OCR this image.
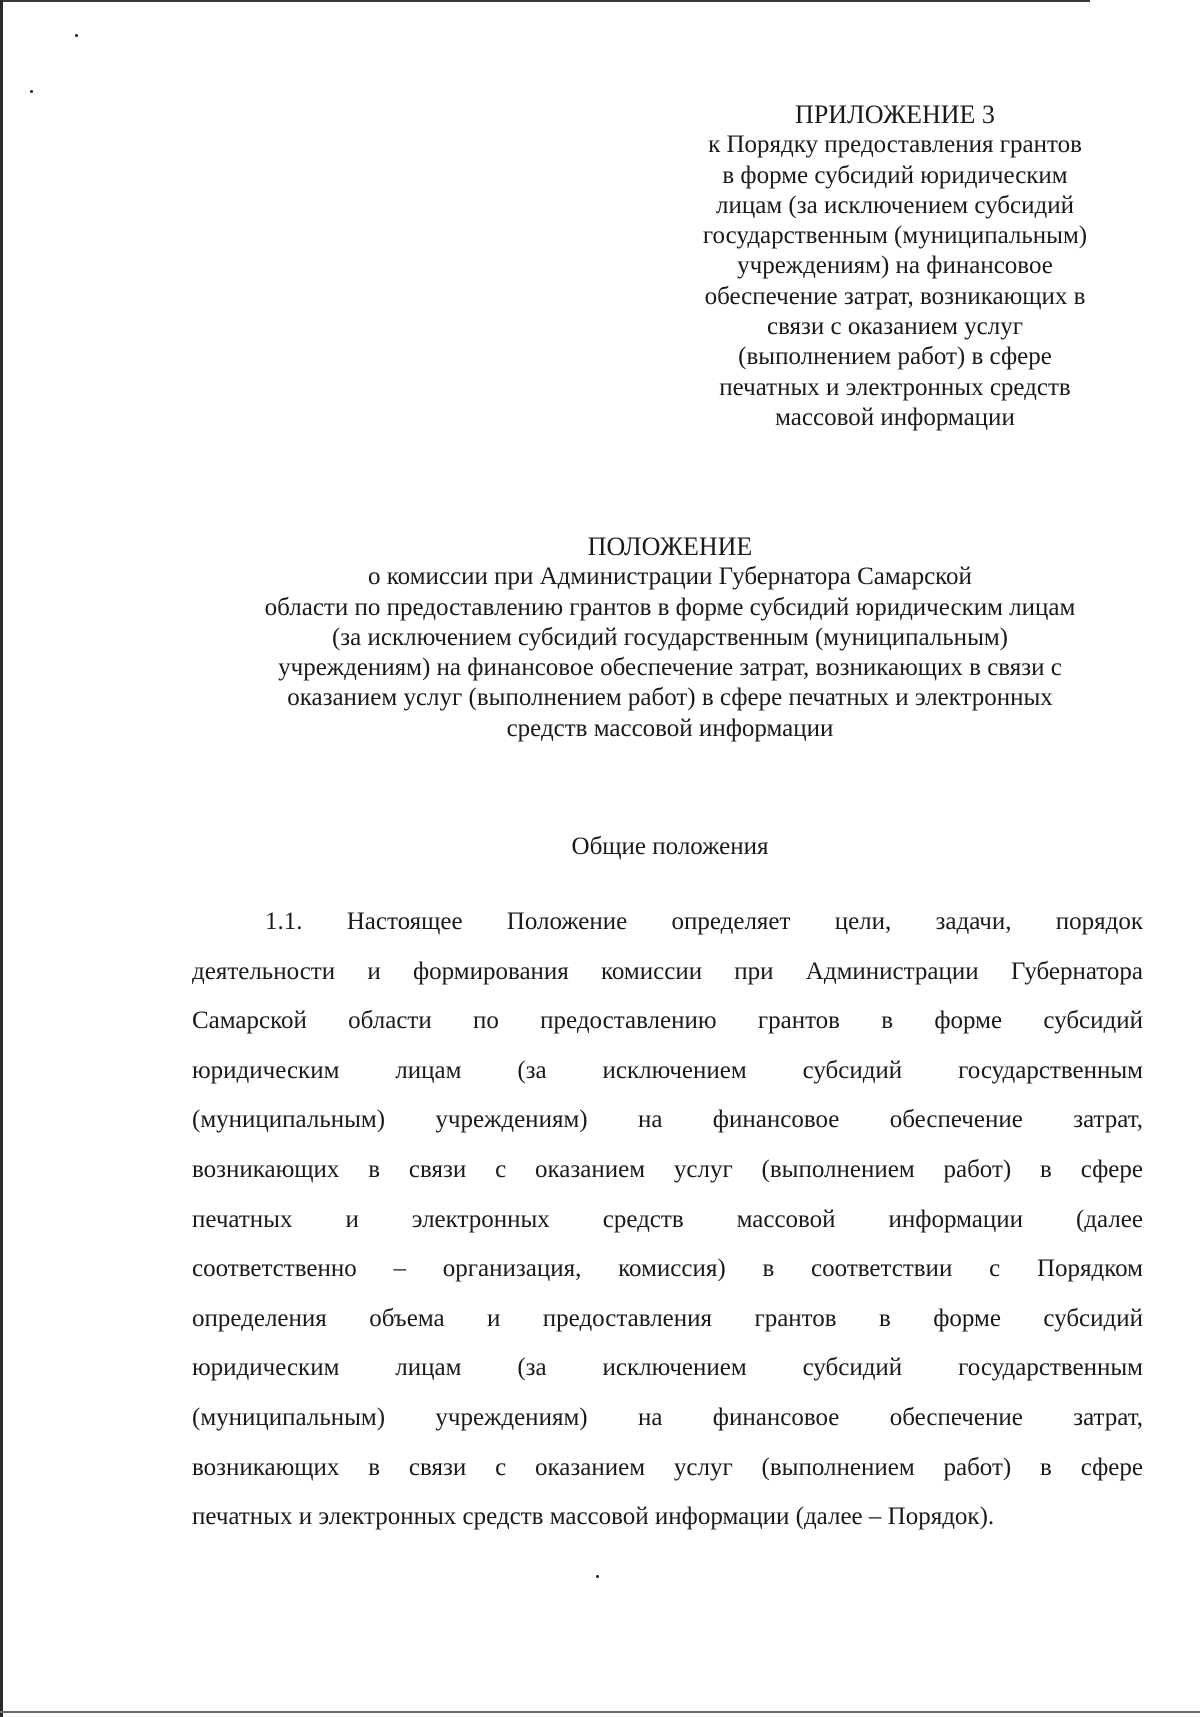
ПРИЛОЖЕНИЕ 3
к Порядку предоставления грантов
в форме субсидий юридическим
лицам (за исключением субсидий
государственным (муниципальным)
учреждениям) на финансовое
обеспечение затрат, возникающих в
связи с оказанием услуг
(выполнением работ) в сфере
печатных и электронных средств
массовой информации
ПОЛОЖЕНИЕ
о комиссии при Администрации Губернатора Самарской
области по предоставлению грантов в форме субсидий юридическим лицам
(за исключением субсидий государственным (муниципальным)
учреждениям) на финансовое обеспечение затрат, возникающих в связи с
оказанием услуг (выполнением работ) в сфере печатных и электронных
средств массовой информации
Общие положения
1.1. Настоящее Положение определяет цели, задачи, порядок
деятельности и формирования комиссии при Администрации Губернатора
Самарской области по предоставлению грантов в форме субсидий
юридическим лицам (за исключением субсидий государственным
(муниципальным) учреждениям) на финансовое обеспечение затрат,
возникающих в связи с оказанием услуг (выполнением работ) в сфере
печатных и электронных средств массовой информации (далее
соответственно – организация, комиссия) в соответствии с Порядком
определения объема и предоставления грантов в форме субсидий
юридическим лицам (за исключением субсидий государственным
(муниципальным) учреждениям) на финансовое обеспечение затрат,
возникающих в связи с оказанием услуг (выполнением работ) в сфере
печатных и электронных средств массовой информации (далее – Порядок).
